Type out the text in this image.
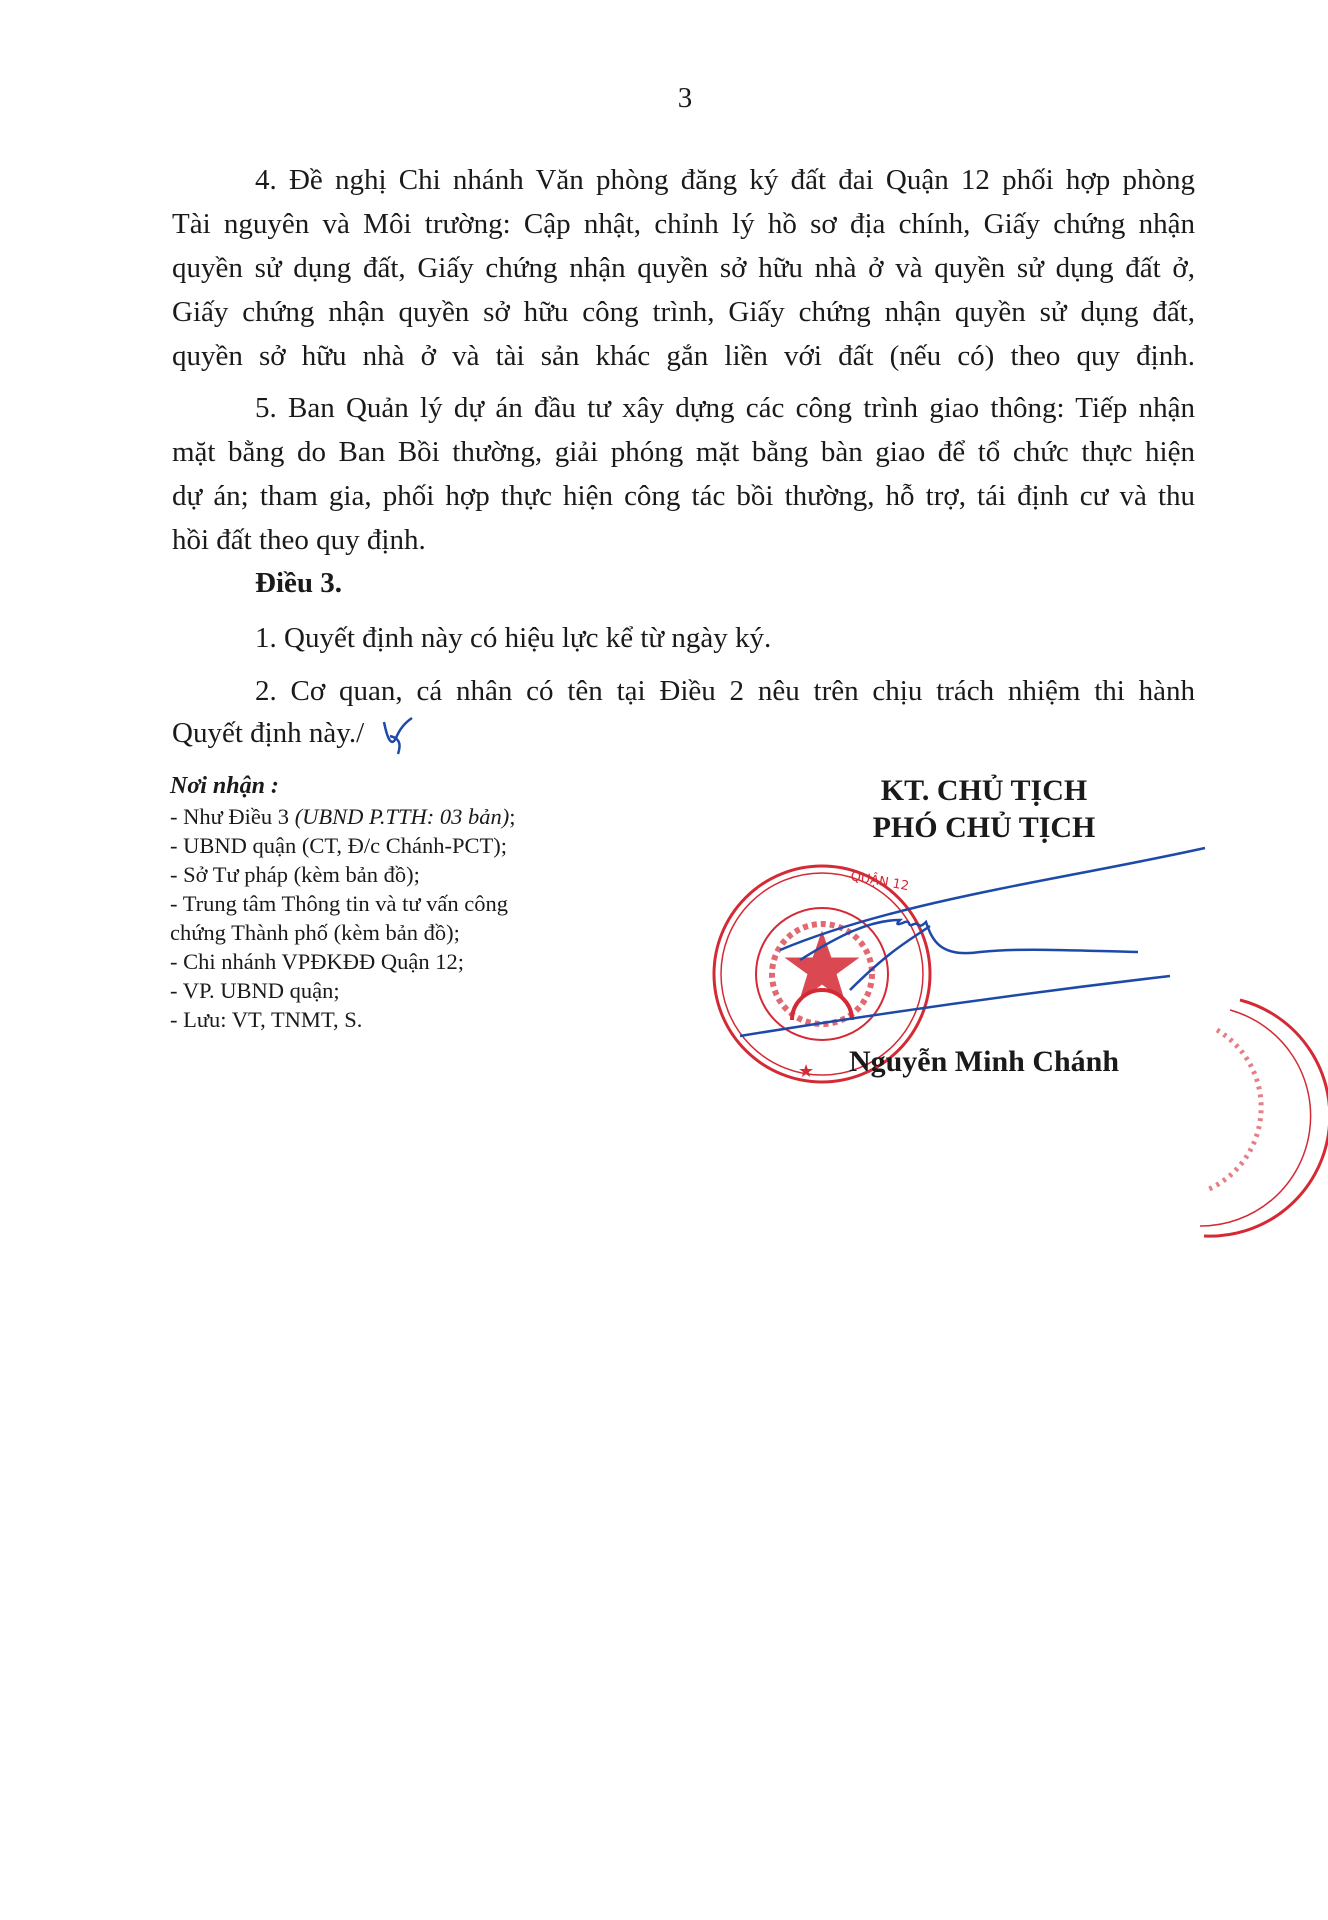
3
4. Đề nghị Chi nhánh Văn phòng đăng ký đất đai Quận 12 phối hợp phòng
Tài nguyên và Môi trường: Cập nhật, chỉnh lý hồ sơ địa chính, Giấy chứng nhận
quyền sử dụng đất, Giấy chứng nhận quyền sở hữu nhà ở và quyền sử dụng đất ở,
Giấy chứng nhận quyền sở hữu công trình, Giấy chứng nhận quyền sử dụng đất,
quyền sở hữu nhà ở và tài sản khác gắn liền với đất (nếu có) theo quy định.
5. Ban Quản lý dự án đầu tư xây dựng các công trình giao thông: Tiếp nhận
mặt bằng do Ban Bồi thường, giải phóng mặt bằng bàn giao để tổ chức thực hiện
dự án; tham gia, phối hợp thực hiện công tác bồi thường, hỗ trợ, tái định cư và thu
hồi đất theo quy định.
Điều 3.
1. Quyết định này có hiệu lực kể từ ngày ký.
2. Cơ quan, cá nhân có tên tại Điều 2 nêu trên chịu trách nhiệm thi hành
Quyết định này./
Nơi nhận :
- Như Điều 3 (UBND P.TTH: 03 bản);
- UBND quận (CT, Đ/c Chánh-PCT);
- Sở Tư pháp (kèm bản đồ);
- Trung tâm Thông tin và tư vấn công
chứng Thành phố (kèm bản đồ);
- Chi nhánh VPĐKĐĐ Quận 12;
- VP. UBND quận;
- Lưu: VT, TNMT, S.
KT. CHỦ TỊCH
PHÓ CHỦ TỊCH
★
QUẬN 12
Nguyễn Minh Chánh
